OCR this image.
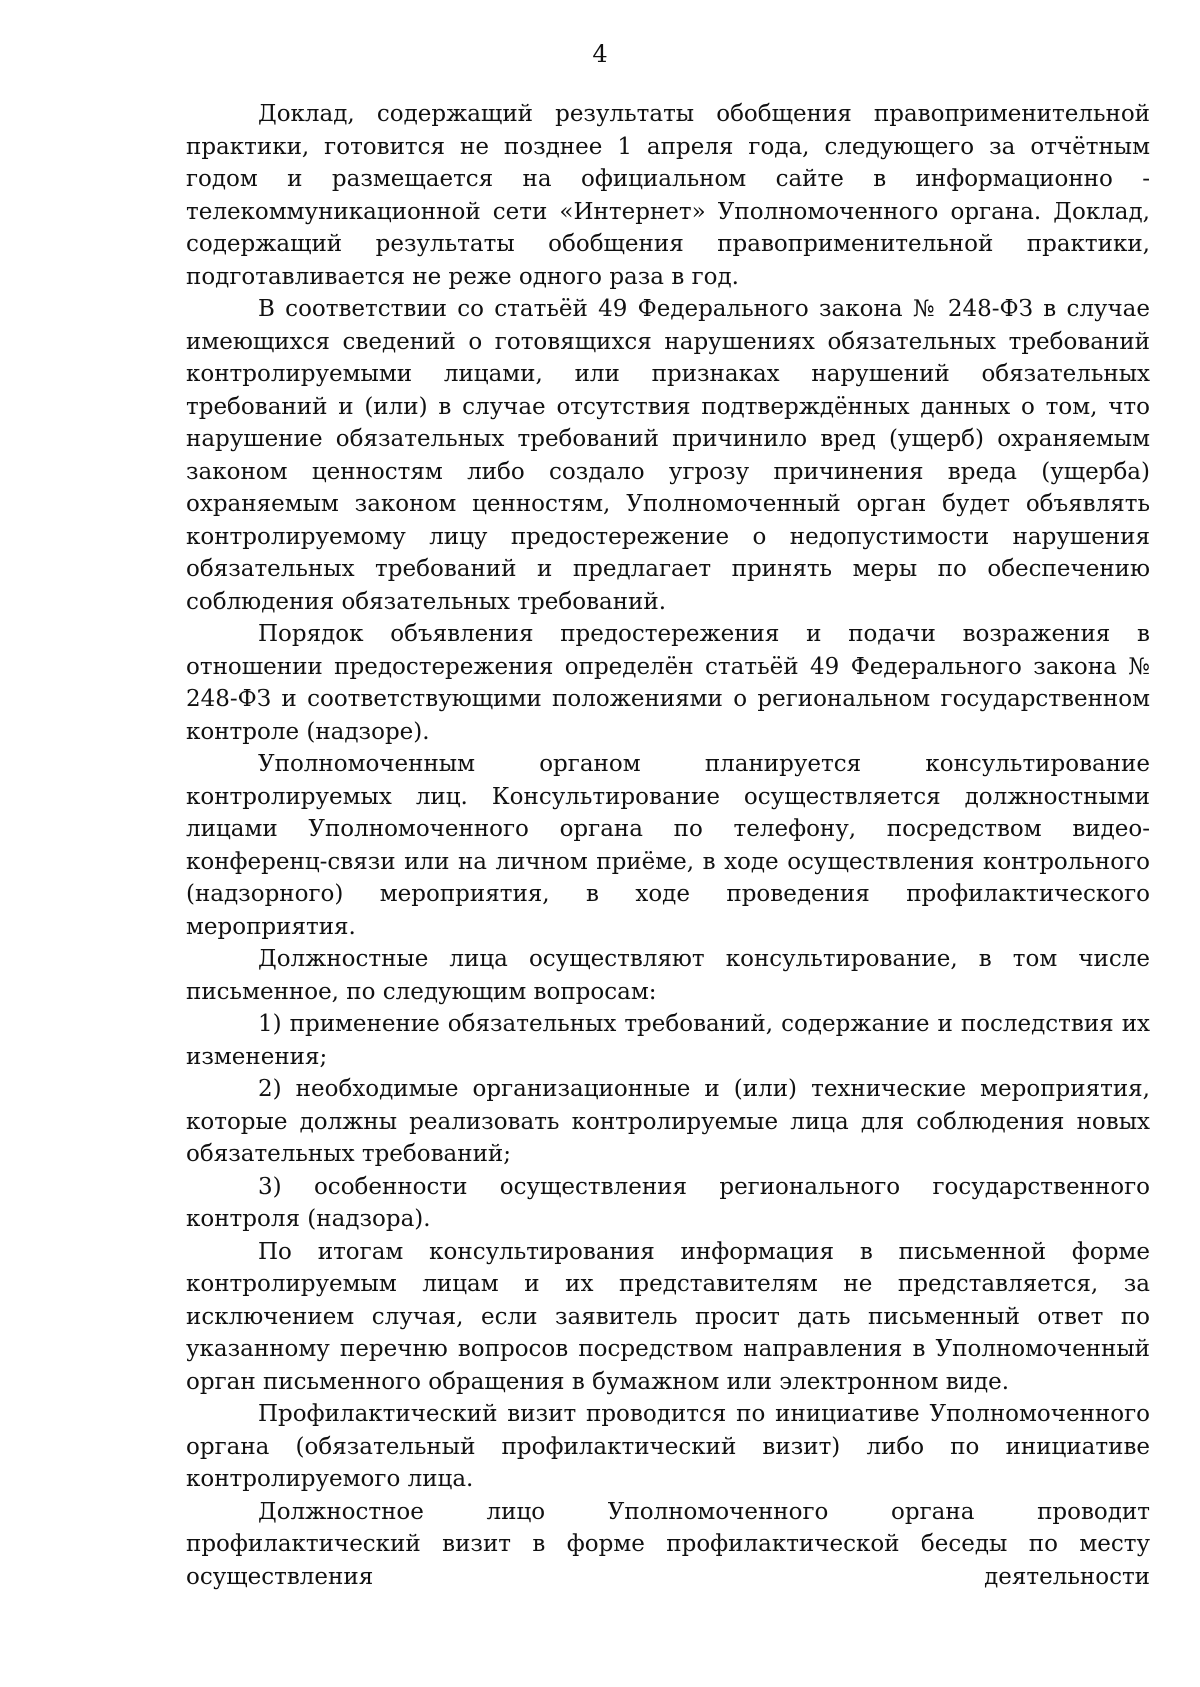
4

Доклад, содержащий результаты обобщения правоприменительной практики, готовится не позднее 1 апреля года, следующего за отчётным годом и размещается на официальном сайте в информационно - телекоммуникационной сети «Интернет» Уполномоченного органа. Доклад, содержащий результаты обобщения правоприменительной практики, подготавливается не реже одного раза в год.

В соответствии со статьёй 49 Федерального закона № 248-ФЗ в случае имеющихся сведений о готовящихся нарушениях обязательных требований контролируемыми лицами, или признаках нарушений обязательных требований и (или) в случае отсутствия подтверждённых данных о том, что нарушение обязательных требований причинило вред (ущерб) охраняемым законом ценностям либо создало угрозу причинения вреда (ущерба) охраняемым законом ценностям, Уполномоченный орган будет объявлять контролируемому лицу предостережение о недопустимости нарушения обязательных требований и предлагает принять меры по обеспечению соблюдения обязательных требований.

Порядок объявления предостережения и подачи возражения в отношении предостережения определён статьёй 49 Федерального закона № 248-ФЗ и соответствующими положениями о региональном государственном контроле (надзоре).

Уполномоченным органом планируется консультирование контролируемых лиц. Консультирование осуществляется должностными лицами Уполномоченного органа по телефону, посредством видео-конференц-связи или на личном приёме, в ходе осуществления контрольного (надзорного) мероприятия, в ходе проведения профилактического мероприятия.

Должностные лица осуществляют консультирование, в том числе письменное, по следующим вопросам:

1) применение обязательных требований, содержание и последствия их изменения;

2) необходимые организационные и (или) технические мероприятия, которые должны реализовать контролируемые лица для соблюдения новых обязательных требований;

3) особенности осуществления регионального государственного контроля (надзора).

По итогам консультирования информация в письменной форме контролируемым лицам и их представителям не представляется, за исключением случая, если заявитель просит дать письменный ответ по указанному перечню вопросов посредством направления в Уполномоченный орган письменного обращения в бумажном или электронном виде.

Профилактический визит проводится по инициативе Уполномоченного органа (обязательный профилактический визит) либо по инициативе контролируемого лица.

Должностное лицо Уполномоченного органа проводит профилактический визит в форме профилактической беседы по месту осуществления деятельности
